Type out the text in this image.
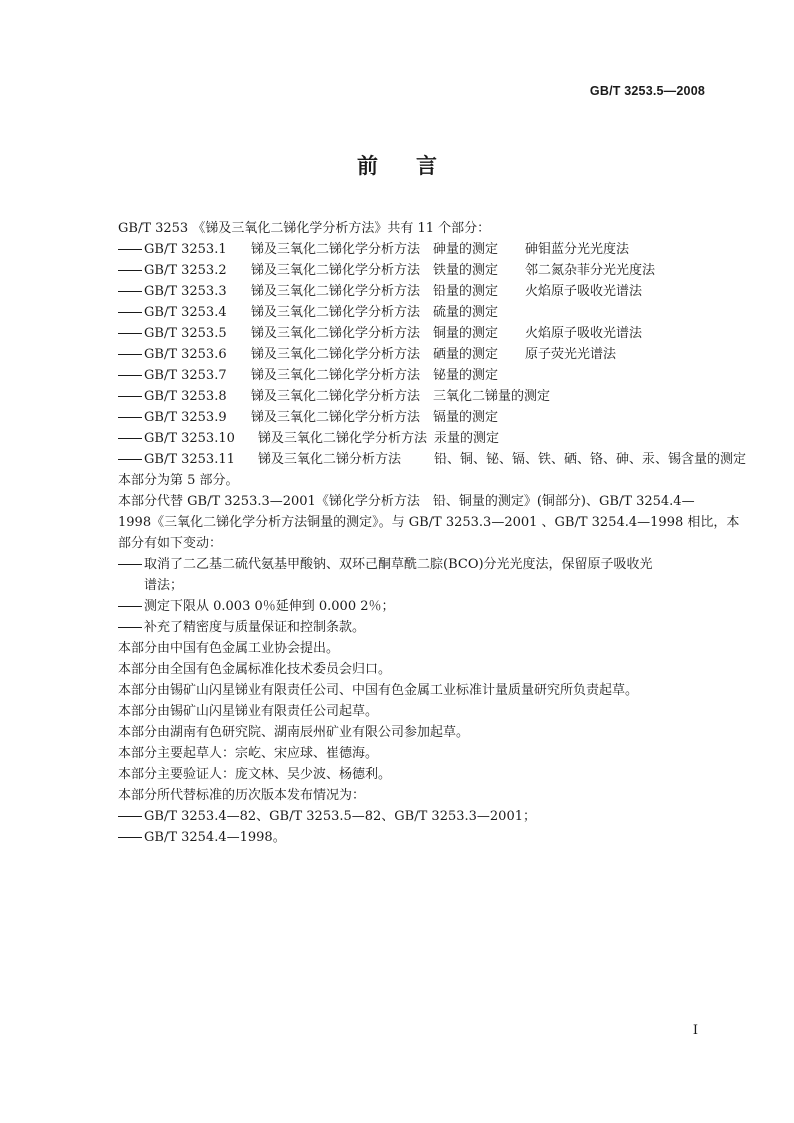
GB/T 3253.5—2008
前言
GB/T 3253 《锑及三氧化二锑化学分析方法》共有 11 个部分：
GB/T 3253.1 锑及三氧化二锑化学分析方法 砷量的测定 砷钼蓝分光光度法
GB/T 3253.2 锑及三氧化二锑化学分析方法 铁量的测定 邻二氮杂菲分光光度法
GB/T 3253.3 锑及三氧化二锑化学分析方法 铅量的测定 火焰原子吸收光谱法
GB/T 3253.4 锑及三氧化二锑化学分析方法 硫量的测定
GB/T 3253.5 锑及三氧化二锑化学分析方法 铜量的测定 火焰原子吸收光谱法
GB/T 3253.6 锑及三氧化二锑化学分析方法 硒量的测定 原子荧光光谱法
GB/T 3253.7 锑及三氧化二锑化学分析方法 铋量的测定
GB/T 3253.8 锑及三氧化二锑化学分析方法 三氧化二锑量的测定
GB/T 3253.9 锑及三氧化二锑化学分析方法 镉量的测定
GB/T 3253.10 锑及三氧化二锑化学分析方法 汞量的测定
GB/T 3253.11 锑及三氧化二锑分析方法	铅、铜、铋、镉、铁、硒、铬、砷、汞、锡含量的测定
本部分为第 5 部分。
本部分代替 GB/T 3253.3—2001《锑化学分析方法　铅、铜量的测定》(铜部分)、GB/T 3254.4—
1998《三氧化二锑化学分析方法铜量的测定》。与 GB/T 3253.3—2001 、GB/T 3254.4—1998 相比，本
部分有如下变动：
取消了二乙基二硫代氨基甲酸钠、双环己酮草酰二腙(BCO)分光光度法，保留原子吸收光
谱法；
测定下限从 0.003 0％延伸到 0.000 2％；
补充了精密度与质量保证和控制条款。
本部分由中国有色金属工业协会提出。
本部分由全国有色金属标准化技术委员会归口。
本部分由锡矿山闪星锑业有限责任公司、中国有色金属工业标准计量质量研究所负责起草。
本部分由锡矿山闪星锑业有限责任公司起草。
本部分由湖南有色研究院、湖南辰州矿业有限公司参加起草。
本部分主要起草人：宗屹、宋应球、崔德海。
本部分主要验证人：庞文林、吴少波、杨德利。
本部分所代替标准的历次版本发布情况为：
GB/T 3253.4—82、GB/T 3253.5—82、GB/T 3253.3—2001；
GB/T 3254.4—1998。
I
